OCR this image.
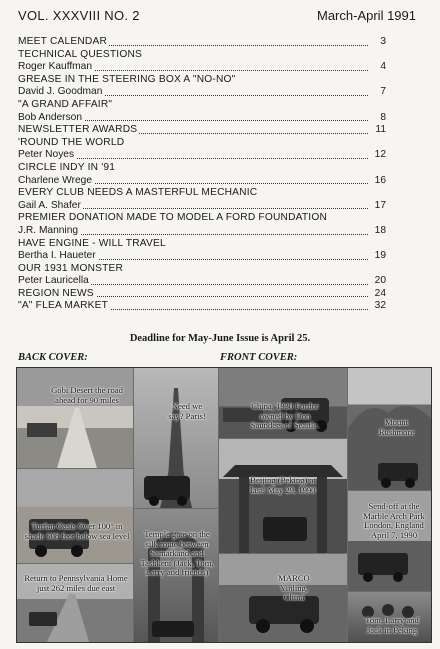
VOL. XXXVIII NO. 2	March-April 1991
MEET CALENDAR	3
TECHNICAL QUESTIONS
Roger Kauffman	4
GREASE IN THE STEERING BOX A "NO-NO"
David J. Goodman	7
"A GRAND AFFAIR"
Bob Anderson	8
NEWSLETTER AWARDS	11
'ROUND THE WORLD
Peter Noyes	12
CIRCLE INDY IN '91
Charlene Wrege	16
EVERY CLUB NEEDS A MASTERFUL MECHANIC
Gail A. Shafer	17
PREMIER DONATION MADE TO MODEL A FORD FOUNDATION
J.R. Manning	18
HAVE ENGINE - WILL TRAVEL
Bertha I. Haueter	19
OUR 1931 MONSTER
Peter Lauricella	20
REGION NEWS	24
"A" FLEA MARKET	32
Deadline for May-June Issue is April 25.
BACK COVER:	FRONT COVER:
Gobi Desert the road ahead for 90 miles
Need we say? Paris!
China, 1930 Fordor owned by Don Saunders of Seattle.	Mount Rushmore
Turfan Oasis Over 100° in shade 508 feet below sea level
Beijing (Peking) at last! May 29, 1990
Send-off at the Marble Arch Park London, England April 7, 1990
Temple gate on the silk route between Samarkand and Tashkent (Jack, Tom, Larry and friends)
Return to Pennsylvania Home just 262 miles due east
MARCO Yinling, China
Tom, Larry and Jack in Peking
